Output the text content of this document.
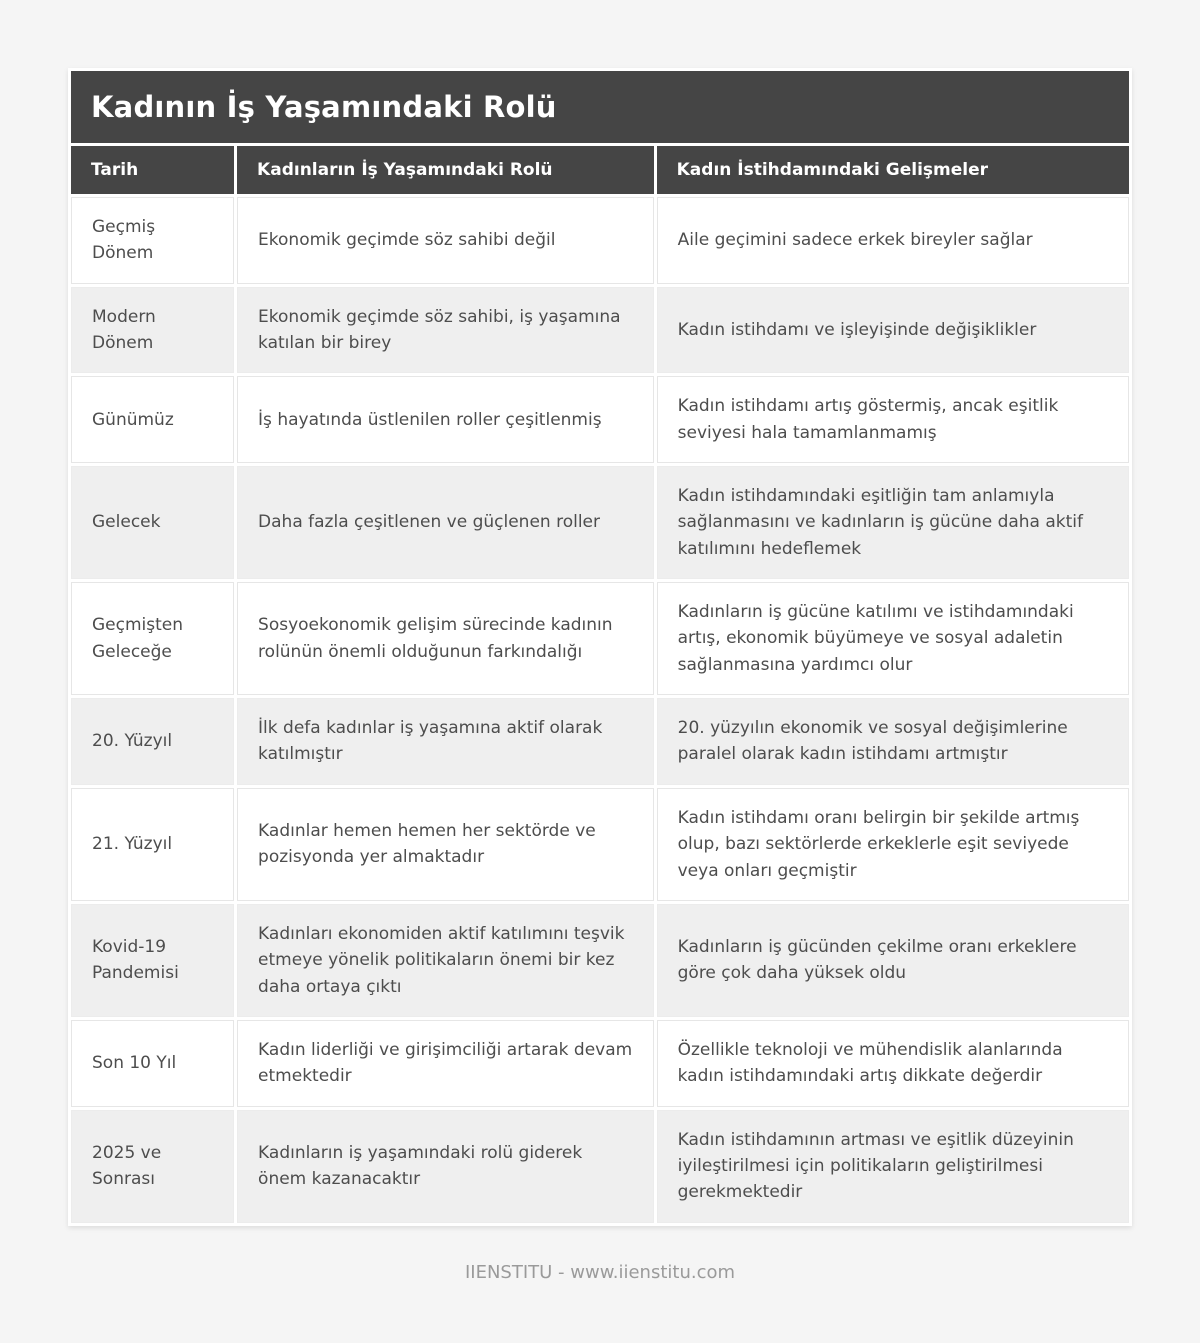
Kadının İş Yaşamındaki Rolü		
Tarih	Kadınların İş Yaşamındaki Rolü	Kadın İstihdamındaki Gelişmeler
Geçmiş Dönem	Ekonomik geçimde söz sahibi değil	Aile geçimini sadece erkek bireyler sağlar
Modern Dönem	Ekonomik geçimde söz sahibi, iş yaşamına katılan bir birey	Kadın istihdamı ve işleyişinde değişiklikler
Günümüz	İş hayatında üstlenilen roller çeşitlenmiş	Kadın istihdamı artış göstermiş, ancak eşitlik seviyesi hala tamamlanmamış
Gelecek	Daha fazla çeşitlenen ve güçlenen roller	Kadın istihdamındaki eşitliğin tam anlamıyla sağlanmasını ve kadınların iş gücüne daha aktif katılımını hedeflemek
Geçmişten Geleceğe	Sosyoekonomik gelişim sürecinde kadının rolünün önemli olduğunun farkındalığı	Kadınların iş gücüne katılımı ve istihdamındaki artış, ekonomik büyümeye ve sosyal adaletin sağlanmasına yardımcı olur
20. Yüzyıl	İlk defa kadınlar iş yaşamına aktif olarak katılmıştır	20. yüzyılın ekonomik ve sosyal değişimlerine paralel olarak kadın istihdamı artmıştır
21. Yüzyıl	Kadınlar hemen hemen her sektörde ve pozisyonda yer almaktadır	Kadın istihdamı oranı belirgin bir şekilde artmış olup, bazı sektörlerde erkeklerle eşit seviyede veya onları geçmiştir
Kovid-19 Pandemisi	Kadınları ekonomiden aktif katılımını teşvik etmeye yönelik politikaların önemi bir kez daha ortaya çıktı	Kadınların iş gücünden çekilme oranı erkeklere göre çok daha yüksek oldu
Son 10 Yıl	Kadın liderliği ve girişimciliği artarak devam etmektedir	Özellikle teknoloji ve mühendislik alanlarında kadın istihdamındaki artış dikkate değerdir
2025 ve Sonrası	Kadınların iş yaşamındaki rolü giderek önem kazanacaktır	Kadın istihdamının artması ve eşitlik düzeyinin iyileştirilmesi için politikaların geliştirilmesi gerekmektedir
IIENSTITU - www.iienstitu.com
